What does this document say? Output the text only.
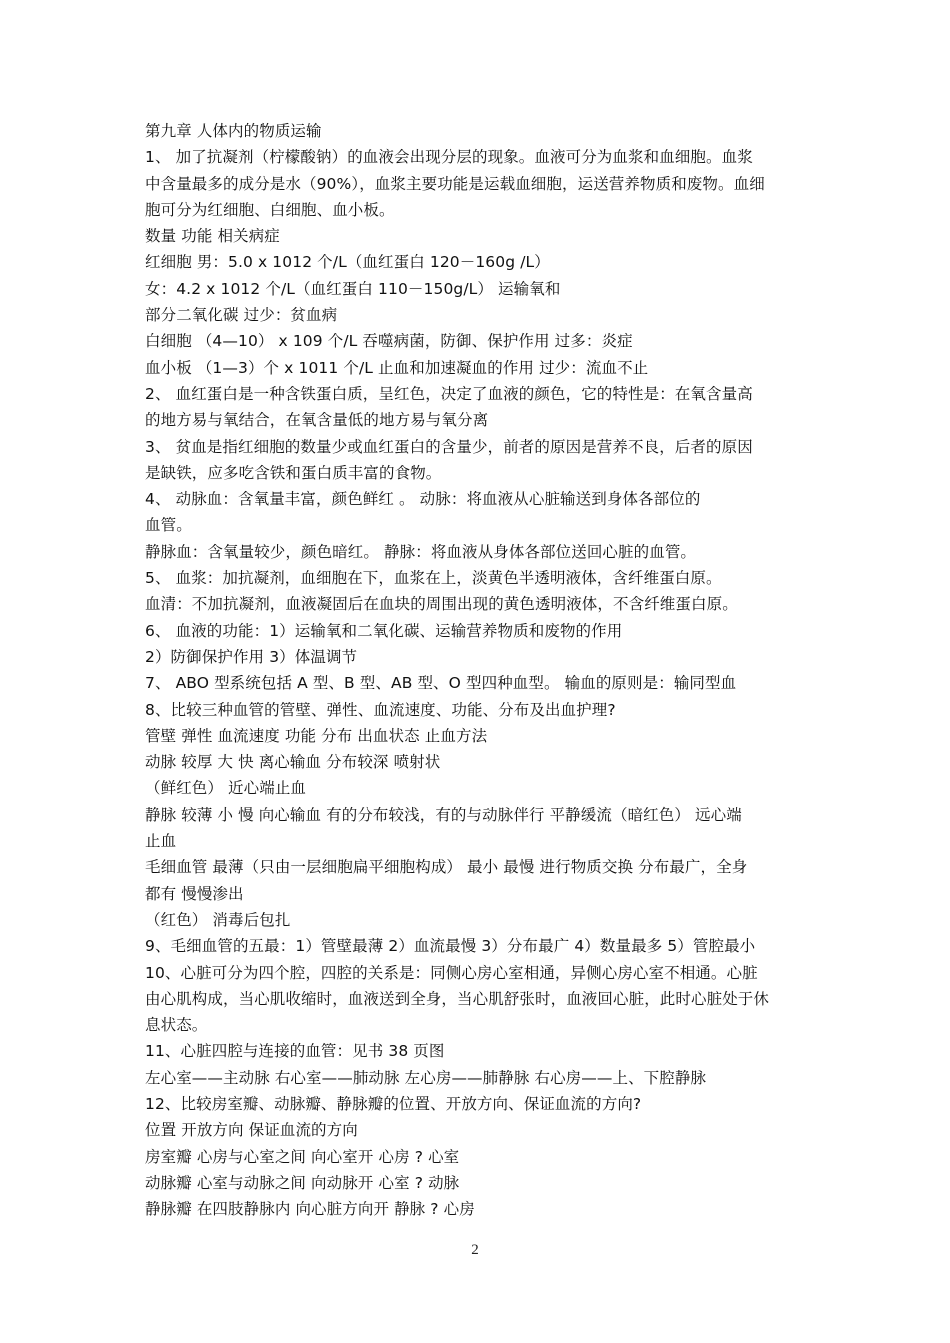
第九章 人体内的物质运输
1、 加了抗凝剂（柠檬酸钠）的血液会出现分层的现象。血液可分为血浆和血细胞。血浆
中含量最多的成分是水（90%），血浆主要功能是运载血细胞，运送营养物质和废物。血细
胞可分为红细胞、白细胞、血小板。
数量 功能 相关病症
红细胞 男：5.0 x 1012 个/L（血红蛋白 120－160g /L）
女：4.2 x 1012 个/L（血红蛋白 110－150g/L） 运输氧和
部分二氧化碳 过少：贫血病
白细胞 （4—10） x 109 个/L 吞噬病菌，防御、保护作用 过多：炎症
血小板 （1—3）个 x 1011 个/L 止血和加速凝血的作用 过少：流血不止
2、 血红蛋白是一种含铁蛋白质，呈红色，决定了血液的颜色，它的特性是：在氧含量高
的地方易与氧结合，在氧含量低的地方易与氧分离
3、 贫血是指红细胞的数量少或血红蛋白的含量少，前者的原因是营养不良，后者的原因
是缺铁，应多吃含铁和蛋白质丰富的食物。
4、 动脉血：含氧量丰富，颜色鲜红 。 动脉：将血液从心脏输送到身体各部位的
血管。
静脉血：含氧量较少，颜色暗红。 静脉：将血液从身体各部位送回心脏的血管。
5、 血浆：加抗凝剂，血细胞在下，血浆在上，淡黄色半透明液体，含纤维蛋白原。
血清：不加抗凝剂，血液凝固后在血块的周围出现的黄色透明液体，不含纤维蛋白原。
6、 血液的功能：1）运输氧和二氧化碳、运输营养物质和废物的作用
2）防御保护作用 3）体温调节
7、 ABO 型系统包括 A 型、B 型、AB 型、O 型四种血型。 输血的原则是：输同型血
8、比较三种血管的管壁、弹性、血流速度、功能、分布及出血护理?
管壁 弹性 血流速度 功能 分布 出血状态 止血方法
动脉 较厚 大 快 离心输血 分布较深 喷射状
（鲜红色） 近心端止血
静脉 较薄 小 慢 向心输血 有的分布较浅，有的与动脉伴行 平静缓流（暗红色） 远心端
止血
毛细血管 最薄（只由一层细胞扁平细胞构成） 最小 最慢 进行物质交换 分布最广，全身
都有 慢慢渗出
（红色） 消毒后包扎
9、毛细血管的五最：1）管壁最薄 2）血流最慢 3）分布最广 4）数量最多 5）管腔最小
10、心脏可分为四个腔，四腔的关系是：同侧心房心室相通，异侧心房心室不相通。心脏
由心肌构成，当心肌收缩时，血液送到全身，当心肌舒张时，血液回心脏，此时心脏处于休
息状态。
11、心脏四腔与连接的血管：见书 38 页图
左心室——主动脉 右心室——肺动脉 左心房——肺静脉 右心房——上、下腔静脉
12、比较房室瓣、动脉瓣、静脉瓣的位置、开放方向、保证血流的方向?
位置 开放方向 保证血流的方向
房室瓣 心房与心室之间 向心室开 心房 ? 心室
动脉瓣 心室与动脉之间 向动脉开 心室 ? 动脉
静脉瓣 在四肢静脉内 向心脏方向开 静脉 ? 心房
2
